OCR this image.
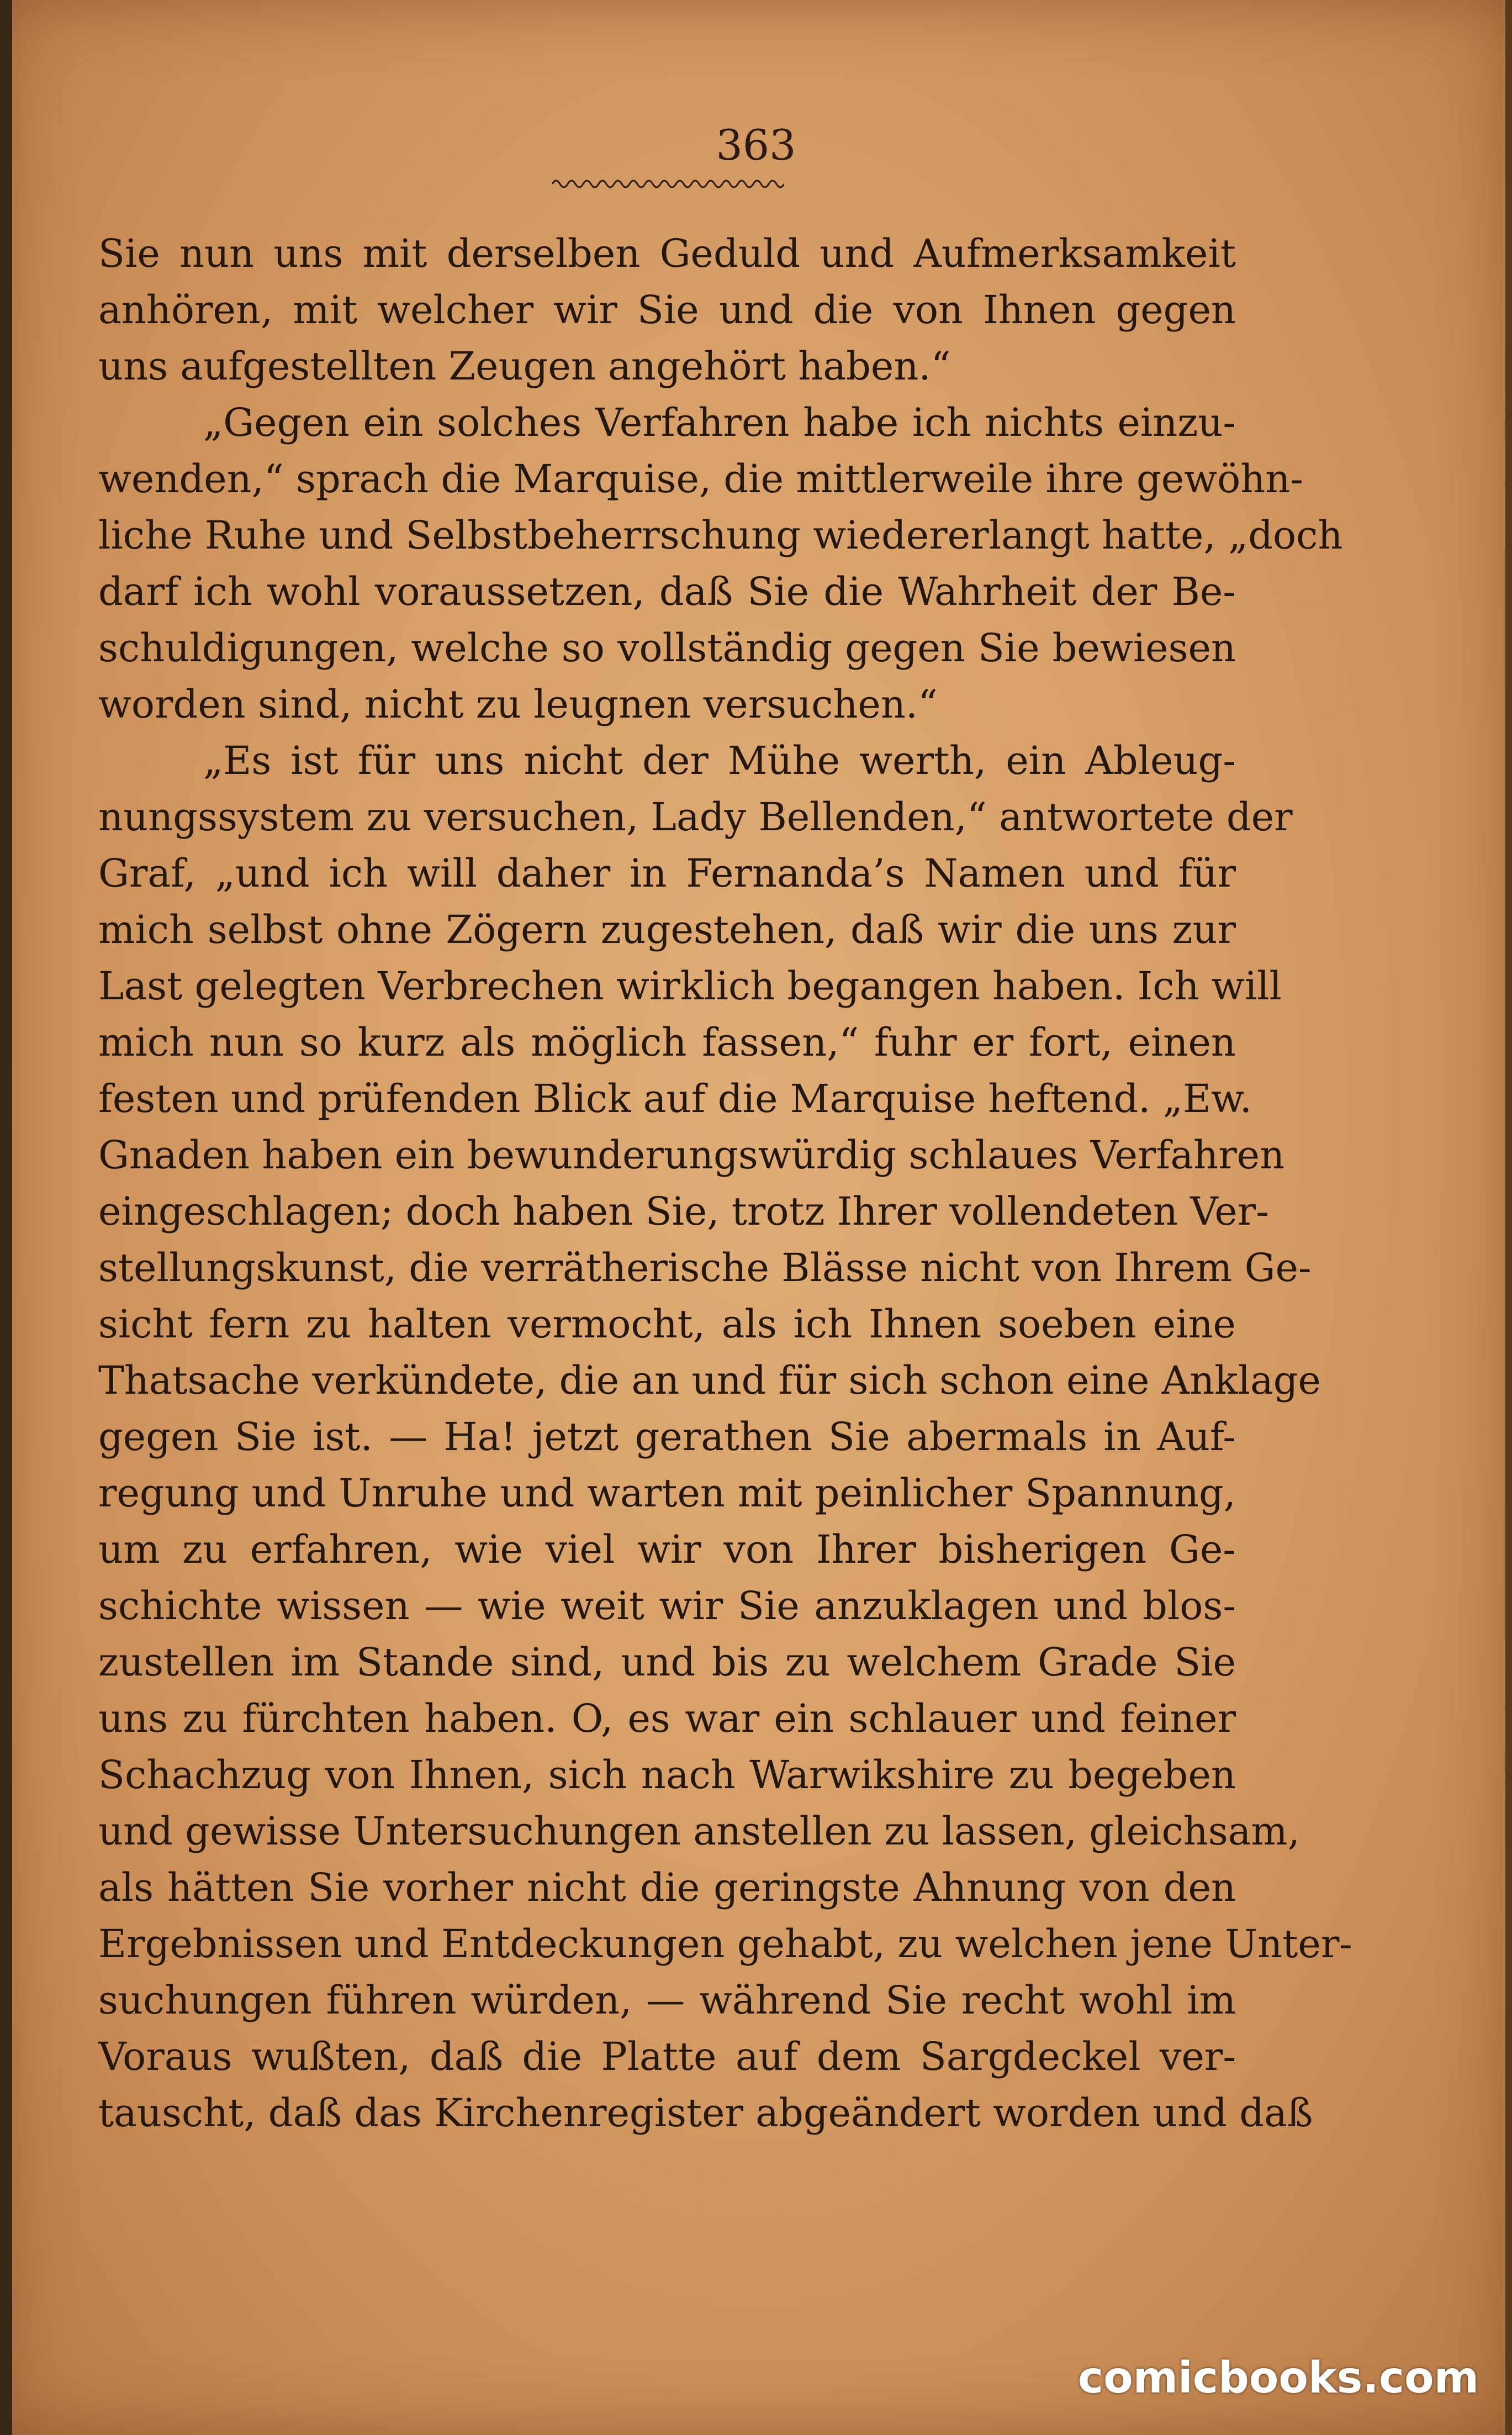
363
Sie nun uns mit derselben Geduld und Aufmerksamkeit
anhören, mit welcher wir Sie und die von Ihnen gegen
uns aufgestellten Zeugen angehört haben.“
„Gegen ein solches Verfahren habe ich nichts einzu-
wenden,“ sprach die Marquise, die mittlerweile ihre gewöhn-
liche Ruhe und Selbstbeherrschung wiedererlangt hatte, „doch
darf ich wohl voraussetzen, daß Sie die Wahrheit der Be-
schuldigungen, welche so vollständig gegen Sie bewiesen
worden sind, nicht zu leugnen versuchen.“
„Es ist für uns nicht der Mühe werth, ein Ableug-
nungssystem zu versuchen, Lady Bellenden,“ antwortete der
Graf, „und ich will daher in Fernanda’s Namen und für
mich selbst ohne Zögern zugestehen, daß wir die uns zur
Last gelegten Verbrechen wirklich begangen haben. Ich will
mich nun so kurz als möglich fassen,“ fuhr er fort, einen
festen und prüfenden Blick auf die Marquise heftend. „Ew.
Gnaden haben ein bewunderungswürdig schlaues Verfahren
eingeschlagen; doch haben Sie, trotz Ihrer vollendeten Ver-
stellungskunst, die verrätherische Blässe nicht von Ihrem Ge-
sicht fern zu halten vermocht, als ich Ihnen soeben eine
Thatsache verkündete, die an und für sich schon eine Anklage
gegen Sie ist. — Ha! jetzt gerathen Sie abermals in Auf-
regung und Unruhe und warten mit peinlicher Spannung,
um zu erfahren, wie viel wir von Ihrer bisherigen Ge-
schichte wissen — wie weit wir Sie anzuklagen und blos-
zustellen im Stande sind, und bis zu welchem Grade Sie
uns zu fürchten haben. O, es war ein schlauer und feiner
Schachzug von Ihnen, sich nach Warwikshire zu begeben
und gewisse Untersuchungen anstellen zu lassen, gleichsam,
als hätten Sie vorher nicht die geringste Ahnung von den
Ergebnissen und Entdeckungen gehabt, zu welchen jene Unter-
suchungen führen würden, — während Sie recht wohl im
Voraus wußten, daß die Platte auf dem Sargdeckel ver-
tauscht, daß das Kirchenregister abgeändert worden und daß
comicbooks.com
